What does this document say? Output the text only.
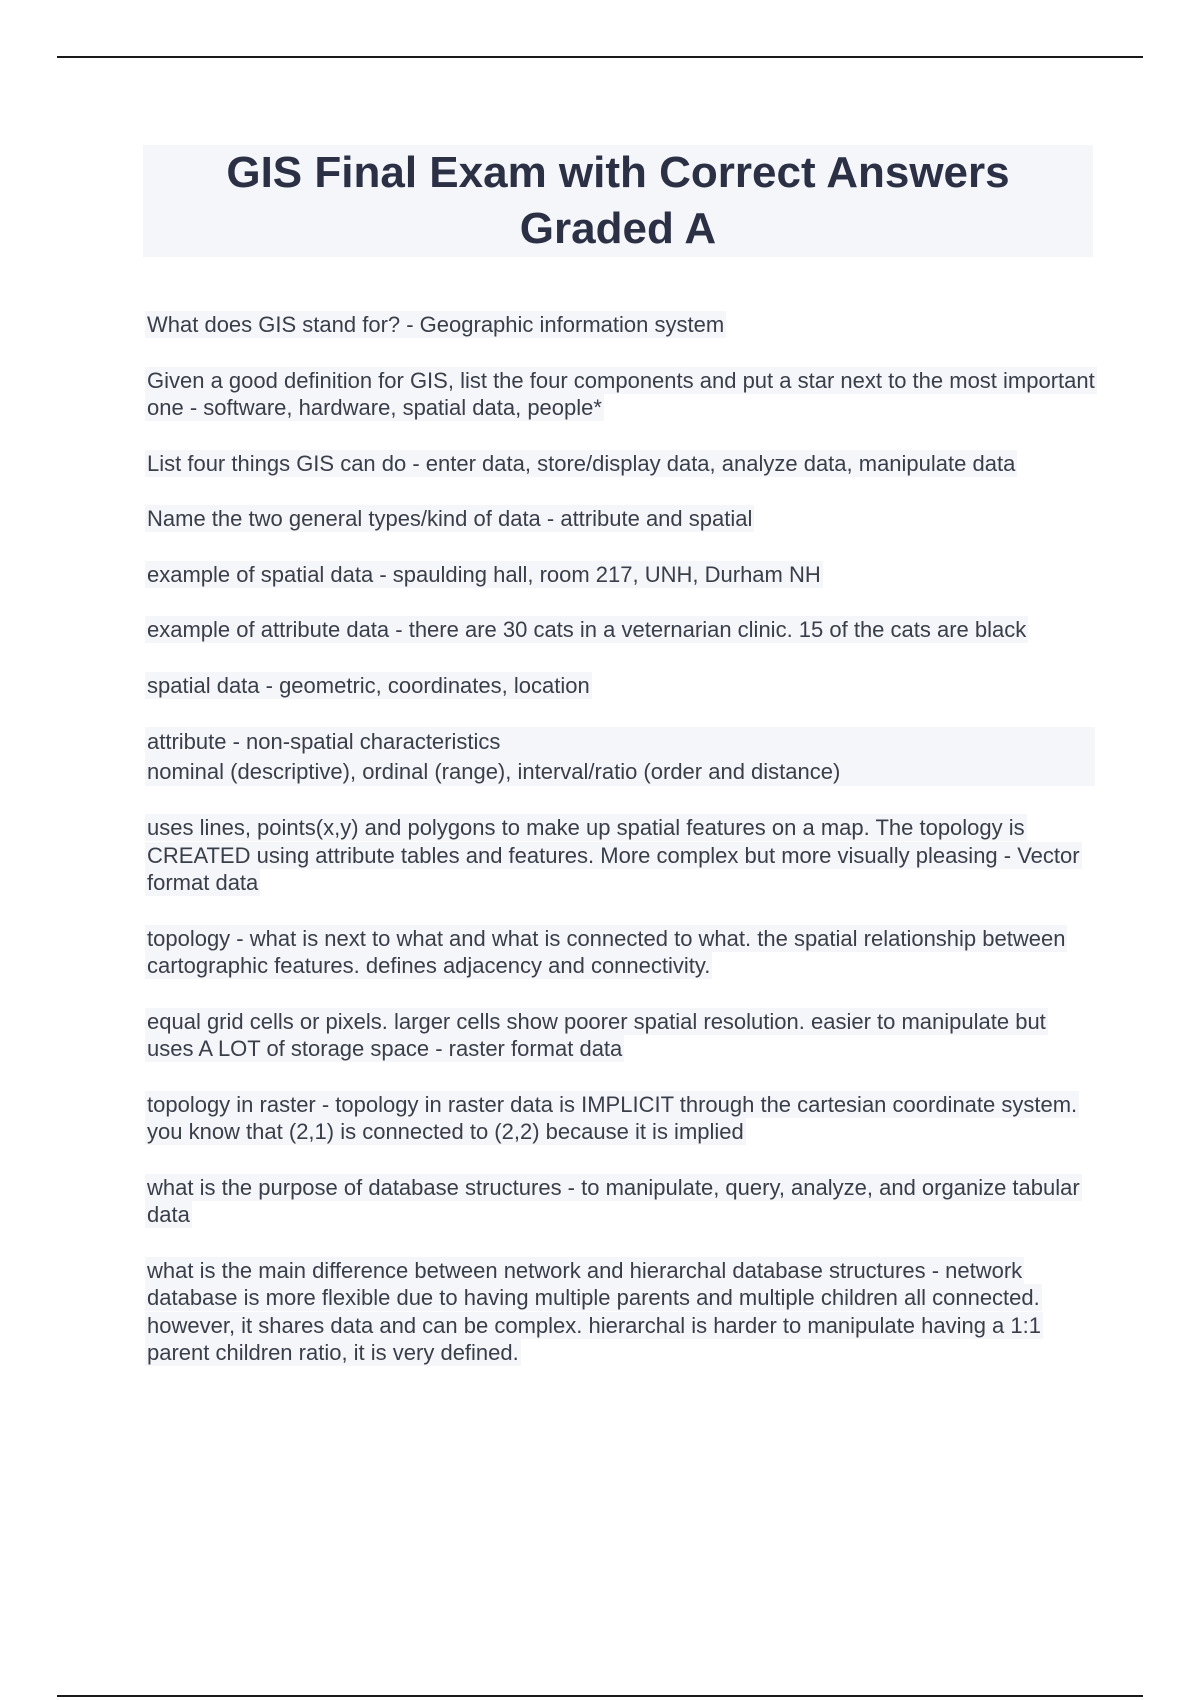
GIS Final Exam with Correct Answers Graded A
What does GIS stand for? - Geographic information system
Given a good definition for GIS, list the four components and put a star next to the most important one - software, hardware, spatial data, people*
List four things GIS can do - enter data, store/display data, analyze data, manipulate data
Name the two general types/kind of data - attribute and spatial
example of spatial data - spaulding hall, room 217, UNH, Durham NH
example of attribute data - there are 30 cats in a veternarian clinic. 15 of the cats are black
spatial data - geometric, coordinates, location
attribute - non-spatial characteristics
nominal (descriptive), ordinal (range), interval/ratio (order and distance)
uses lines, points(x,y) and polygons to make up spatial features on a map. The topology is CREATED using attribute tables and features. More complex but more visually pleasing - Vector format data
topology - what is next to what and what is connected to what. the spatial relationship between cartographic features. defines adjacency and connectivity.
equal grid cells or pixels. larger cells show poorer spatial resolution. easier to manipulate but uses A LOT of storage space - raster format data
topology in raster - topology in raster data is IMPLICIT through the cartesian coordinate system. you know that (2,1) is connected to (2,2) because it is implied
what is the purpose of database structures - to manipulate, query, analyze, and organize tabular data
what is the main difference between network and hierarchal database structures - network database is more flexible due to having multiple parents and multiple children all connected. however, it shares data and can be complex. hierarchal is harder to manipulate having a 1:1 parent children ratio, it is very defined.
